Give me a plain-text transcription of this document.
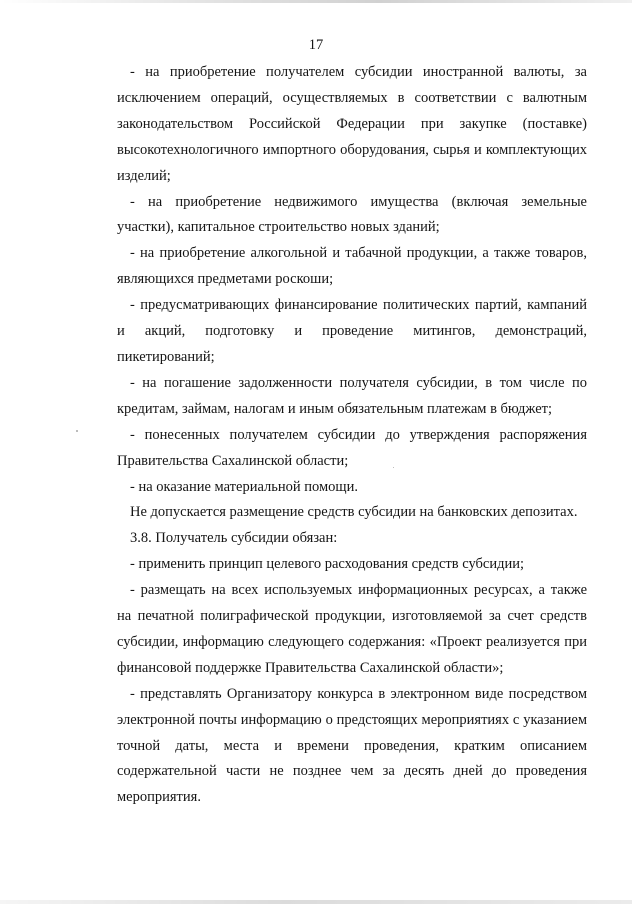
17

- на приобретение получателем субсидии иностранной валюты, за исключением операций, осуществляемых в соответствии с валютным законодательством Российской Федерации при закупке (поставке) высокотехнологичного импортного оборудования, сырья и комплектующих изделий;

- на приобретение недвижимого имущества (включая земельные участки), капитальное строительство новых зданий;

- на приобретение алкогольной и табачной продукции, а также товаров, являющихся предметами роскоши;

- предусматривающих финансирование политических партий, кампаний и акций, подготовку и проведение митингов, демонстраций, пикетирований;

- на погашение задолженности получателя субсидии, в том числе по кредитам, займам, налогам и иным обязательным платежам в бюджет;

- понесенных получателем субсидии до утверждения распоряжения Правительства Сахалинской области;

- на оказание материальной помощи.

Не допускается размещение средств субсидии на банковских депозитах.

3.8. Получатель субсидии обязан:

- применить принцип целевого расходования средств субсидии;

- размещать на всех используемых информационных ресурсах, а также на печатной полиграфической продукции, изготовляемой за счет средств субсидии, информацию следующего содержания: «Проект реализуется при финансовой поддержке Правительства Сахалинской области»;

- представлять Организатору конкурса в электронном виде посредством электронной почты информацию о предстоящих мероприятиях с указанием точной даты, места и времени проведения, кратким описанием содержательной части не позднее чем за десять дней до проведения мероприятия.
